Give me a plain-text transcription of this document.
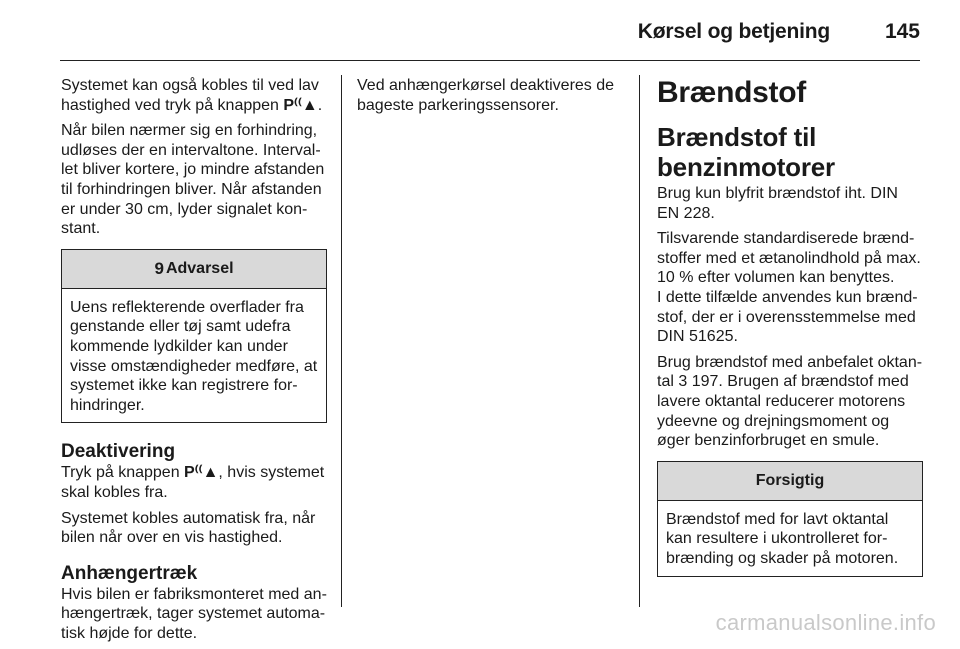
Kørsel og betjening	145

Systemet kan også kobles til ved lav hastighed ved tryk på knappen P⁽⁽▲.

Når bilen nærmer sig en forhindring, udløses der en intervaltone. Intervallet bliver kortere, jo mindre afstanden til forhindringen bliver. Når afstanden er under 30 cm, lyder signalet konstant.

9 Advarsel
Uens reflekterende overflader fra genstande eller tøj samt udefra kommende lydkilder kan under visse omstændigheder medføre, at systemet ikke kan registrere forhindringer.
Deaktivering

Tryk på knappen P⁽⁽▲, hvis systemet skal kobles fra.

Systemet kobles automatisk fra, når bilen når over en vis hastighed.

Anhængertræk

Hvis bilen er fabriksmonteret med anhængertræk, tager systemet automatisk højde for dette.

Ved anhængerkørsel deaktiveres de bageste parkeringssensorer.	Brændstof
Brændstof til benzinmotorer

Brug kun blyfrit brændstof iht. DIN EN 228.

Tilsvarende standardiserede brændstoffer med et ætanolindhold på max. 10 % efter volumen kan benyttes.

I dette tilfælde anvendes kun brændstof, der er i overensstemmelse med DIN 51625.

Brug brændstof med anbefalet oktantal 3 197. Brugen af brændstof med lavere oktantal reducerer motorens ydeevne og drejningsmoment og øger benzinforbruget en smule.

Forsigtig
Brændstof med for lavt oktantal kan resultere i ukontrolleret forbrænding og skader på motoren.
carmanualsonline.info
